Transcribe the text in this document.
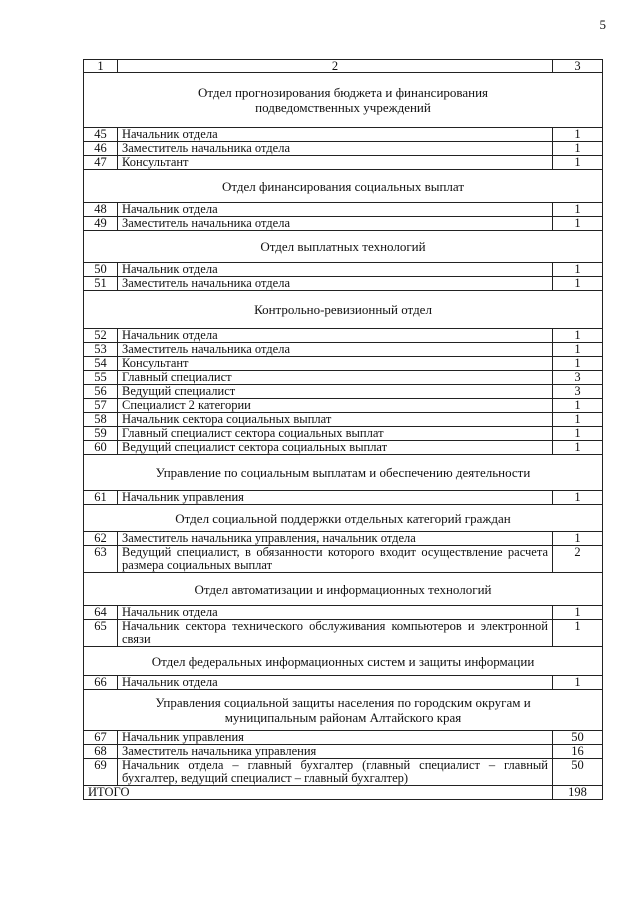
5
1	2	3
Отдел прогнозирования бюджета и финансирования подведомственных учреждений		
45	Начальник отдела	1
46	Заместитель начальника отдела	1
47	Консультант	1
Отдел финансирования социальных выплат		
48	Начальник отдела	1
49	Заместитель начальника отдела	1
Отдел выплатных технологий		
50	Начальник отдела	1
51	Заместитель начальника отдела	1
Контрольно-ревизионный отдел		
52	Начальник отдела	1
53	Заместитель начальника отдела	1
54	Консультант	1
55	Главный специалист	3
56	Ведущий специалист	3
57	Специалист 2 категории	1
58	Начальник сектора социальных выплат	1
59	Главный специалист сектора социальных выплат	1
60	Ведущий специалист сектора социальных выплат	1
Управление по социальным выплатам и обеспечению деятельности		
61	Начальник управления	1
Отдел социальной поддержки отдельных категорий граждан		
62	Заместитель начальника управления, начальник отдела	1
63	Ведущий специалист, в обязанности которого входит осуществление расчета размера социальных выплат	2
Отдел автоматизации и информационных технологий		
64	Начальник отдела	1
65	Начальник сектора технического обслуживания компьютеров и электронной связи	1
Отдел федеральных информационных систем и защиты информации		
66	Начальник отдела	1
Управления социальной защиты населения по городским округам и муниципальным районам Алтайского края		
67	Начальник управления	50
68	Заместитель начальника управления	16
69	Начальник отдела – главный бухгалтер (главный специалист – главный бухгалтер, ведущий специалист – главный бухгалтер)	50
ИТОГО		198
